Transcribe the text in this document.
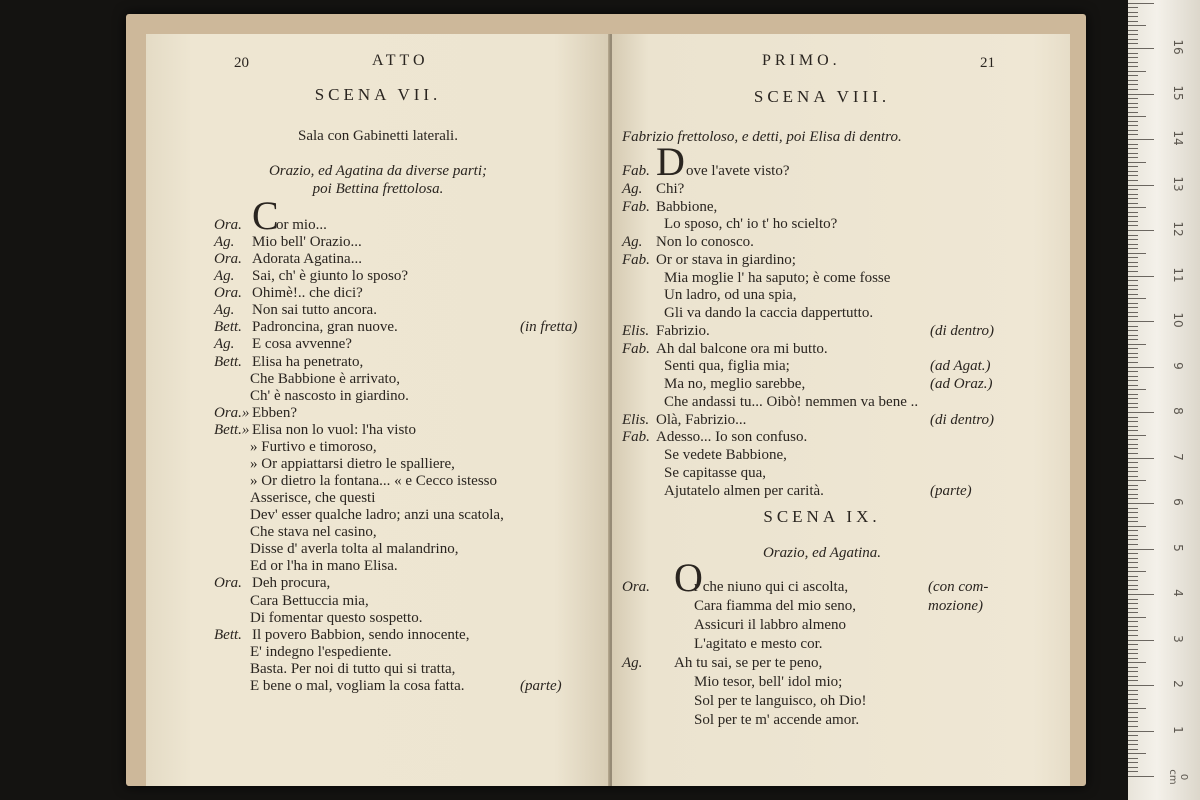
20	ATTO
SCENA VII.
Sala con Gabinetti laterali.
Orazio, ed Agatina da diverse parti;
poi Bettina frettolosa.
Ora. C
or mio...
Ag. Mio bell' Orazio...
Ora. Adorata Agatina...
Ag. Sai, ch' è giunto lo sposo?
Ora. Ohimè!.. che dici?
Ag. Non sai tutto ancora.
Bett. Padroncina, gran nuove.	(in fretta)
Ag. E cosa avvenne?
Bett. Elisa ha penetrato,
Che Babbione è arrivato,
Ch' è nascosto in giardino.
Ora.» Ebben?
Bett.» Elisa non lo vuol: l'ha visto
» Furtivo e timoroso,
» Or appiattarsi dietro le spalliere,
» Or dietro la fontana... « e Cecco istesso
Asserisce, che questi
Dev' esser qualche ladro; anzi una scatola,
Che stava nel casino,
Disse d' averla tolta al malandrino,
Ed or l'ha in mano Elisa.
Ora. Deh procura,
Cara Bettuccia mia,
Di fomentar questo sospetto.
Bett. Il povero Babbion, sendo innocente,
E' indegno l'espediente.
Basta. Per noi di tutto qui si tratta,
E bene o mal, vogliam la cosa fatta.	(parte)
PRIMO.	21
SCENA VIII.
Fabrizio frettoloso, e detti, poi Elisa di dentro.
Fab. D ove l'avete visto?
Ag. Chi?
Fab. Babbione,
Lo sposo, ch' io t' ho scielto?
Ag. Non lo conosco.
Fab. Or or stava in giardino;
Mia moglie l' ha saputo; è come fosse
Un ladro, od una spia,
Gli va dando la caccia dappertutto.
Elis. Fabrizio.	(di dentro)
Fab. Ah dal balcone ora mi butto.
Senti qua, figlia mia;	(ad Agat.)
Ma no, meglio sarebbe,	(ad Oraz.)
Che andassi tu... Oibò! nemmen va bene ..
Elis. Olà, Fabrizio...	(di dentro)
Fab. Adesso... Io son confuso.
Se vedete Babbione,
Se capitasse qua,
Ajutatelo almen per carità.	(parte)
SCENA IX.
Orazio, ed Agatina.
Ora. O
r che niuno qui ci ascolta,	(con com-
Cara fiamma del mio seno,	mozione)
Assicuri il labbro almeno
L'agitato e mesto cor.
Ag. Ah tu sai, se per te peno,
Mio tesor, bell' idol mio;
Sol per te languisco, oh Dio!
Sol per te m' accende amor.
0 cm
1
2
3
4
5
6
7
8
9
10
11
12
13
14
15
16
